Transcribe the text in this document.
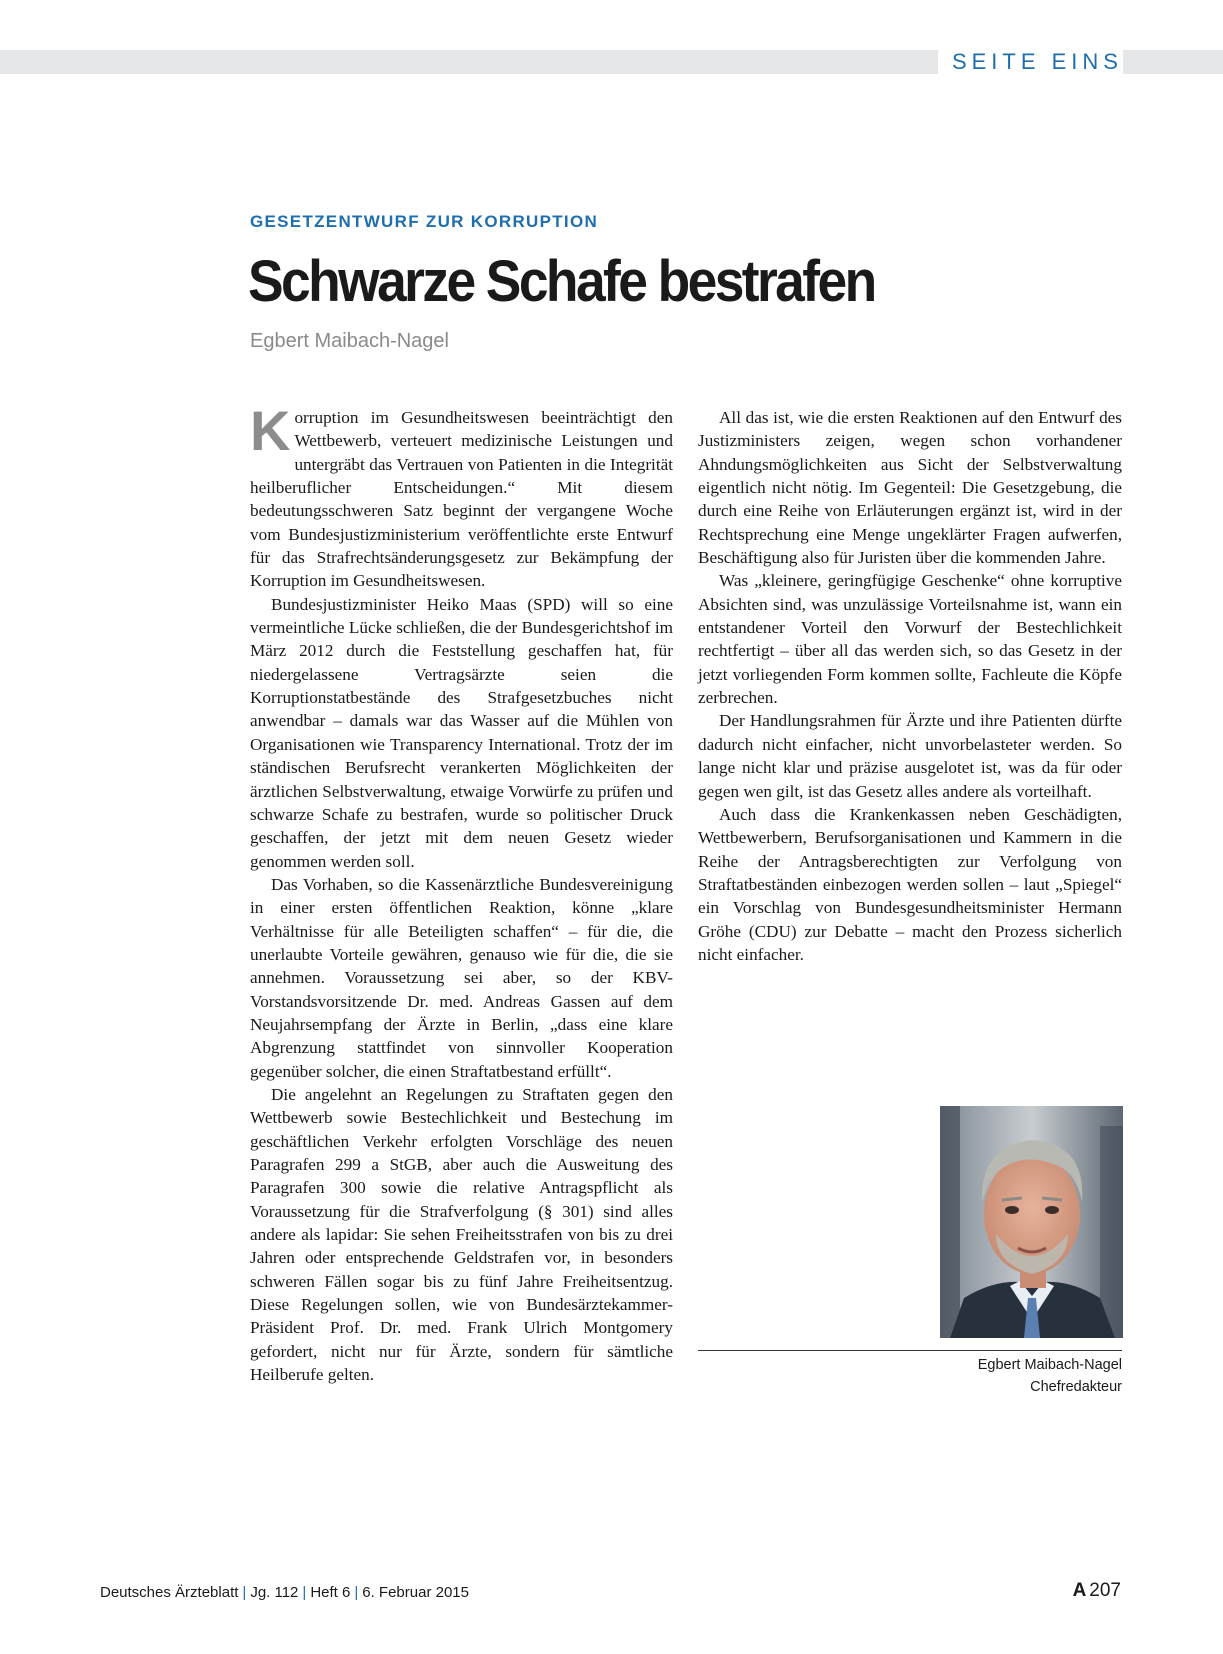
SEITE EINS
GESETZENTWURF ZUR KORRUPTION
Schwarze Schafe bestrafen
Egbert Maibach-Nagel

Korruption im Gesundheitswesen beeinträchtigt den Wettbewerb, verteuert medizinische Leistungen und untergräbt das Vertrauen von Patienten in die Integrität heilberuflicher Entscheidungen.“ Mit diesem bedeutungsschweren Satz beginnt der vergangene Woche vom Bundesjustizministerium veröffentlichte erste Entwurf für das Strafrechtsänderungsgesetz zur Bekämpfung der Korruption im Gesundheitswesen.

Bundesjustizminister Heiko Maas (SPD) will so eine vermeintliche Lücke schließen, die der Bundesgerichtshof im März 2012 durch die Feststellung geschaffen hat, für niedergelassene Vertragsärzte seien die Korruptionstatbestände des Strafgesetzbuches nicht anwendbar – damals war das Wasser auf die Mühlen von Organisationen wie Transparency International. Trotz der im ständischen Berufsrecht verankerten Möglichkeiten der ärztlichen Selbstverwaltung, etwaige Vorwürfe zu prüfen und schwarze Schafe zu bestrafen, wurde so politischer Druck geschaffen, der jetzt mit dem neuen Gesetz wieder genommen werden soll.

Das Vorhaben, so die Kassenärztliche Bundesvereinigung in einer ersten öffentlichen Reaktion, könne „klare Verhältnisse für alle Beteiligten schaffen“ – für die, die unerlaubte Vorteile gewähren, genauso wie für die, die sie annehmen. Voraussetzung sei aber, so der KBV-Vorstandsvorsitzende Dr. med. Andreas Gassen auf dem Neujahrsempfang der Ärzte in Berlin, „dass eine klare Abgrenzung stattfindet von sinnvoller Kooperation gegenüber solcher, die einen Straftatbestand erfüllt“.

Die angelehnt an Regelungen zu Straftaten gegen den Wettbewerb sowie Bestechlichkeit und Bestechung im geschäftlichen Verkehr erfolgten Vorschläge des neuen Paragrafen 299 a StGB, aber auch die Ausweitung des Paragrafen 300 sowie die relative Antragspflicht als Voraussetzung für die Strafverfolgung (§ 301) sind alles andere als lapidar: Sie sehen Freiheitsstrafen von bis zu drei Jahren oder entsprechende Geldstrafen vor, in besonders schweren Fällen sogar bis zu fünf Jahre Freiheitsentzug. Diese Regelungen sollen, wie von Bundesärztekammer-Präsident Prof. Dr. med. Frank Ulrich Montgomery gefordert, nicht nur für Ärzte, sondern für sämtliche Heilberufe gelten.

All das ist, wie die ersten Reaktionen auf den Entwurf des Justizministers zeigen, wegen schon vorhandener Ahndungsmöglichkeiten aus Sicht der Selbstverwaltung eigentlich nicht nötig. Im Gegenteil: Die Gesetzgebung, die durch eine Reihe von Erläuterungen ergänzt ist, wird in der Rechtsprechung eine Menge ungeklärter Fragen aufwerfen, Beschäftigung also für Juristen über die kommenden Jahre.

Was „kleinere, geringfügige Geschenke“ ohne korruptive Absichten sind, was unzulässige Vorteilsnahme ist, wann ein entstandener Vorteil den Vorwurf der Bestechlichkeit rechtfertigt – über all das werden sich, so das Gesetz in der jetzt vorliegenden Form kommen sollte, Fachleute die Köpfe zerbrechen.

Der Handlungsrahmen für Ärzte und ihre Patienten dürfte dadurch nicht einfacher, nicht unvorbelasteter werden. So lange nicht klar und präzise ausgelotet ist, was da für oder gegen wen gilt, ist das Gesetz alles andere als vorteilhaft.

Auch dass die Krankenkassen neben Geschädigten, Wettbewerbern, Berufsorganisationen und Kammern in die Reihe der Antragsberechtigten zur Verfolgung von Straftatbeständen einbezogen werden sollen – laut „Spiegel“ ein Vorschlag von Bundesgesundheitsminister Hermann Gröhe (CDU) zur Debatte – macht den Prozess sicherlich nicht einfacher.

Egbert Maibach-Nagel
Chefredakteur
Deutsches Ärzteblatt | Jg. 112 | Heft 6 | 6. Februar 2015	A 207
